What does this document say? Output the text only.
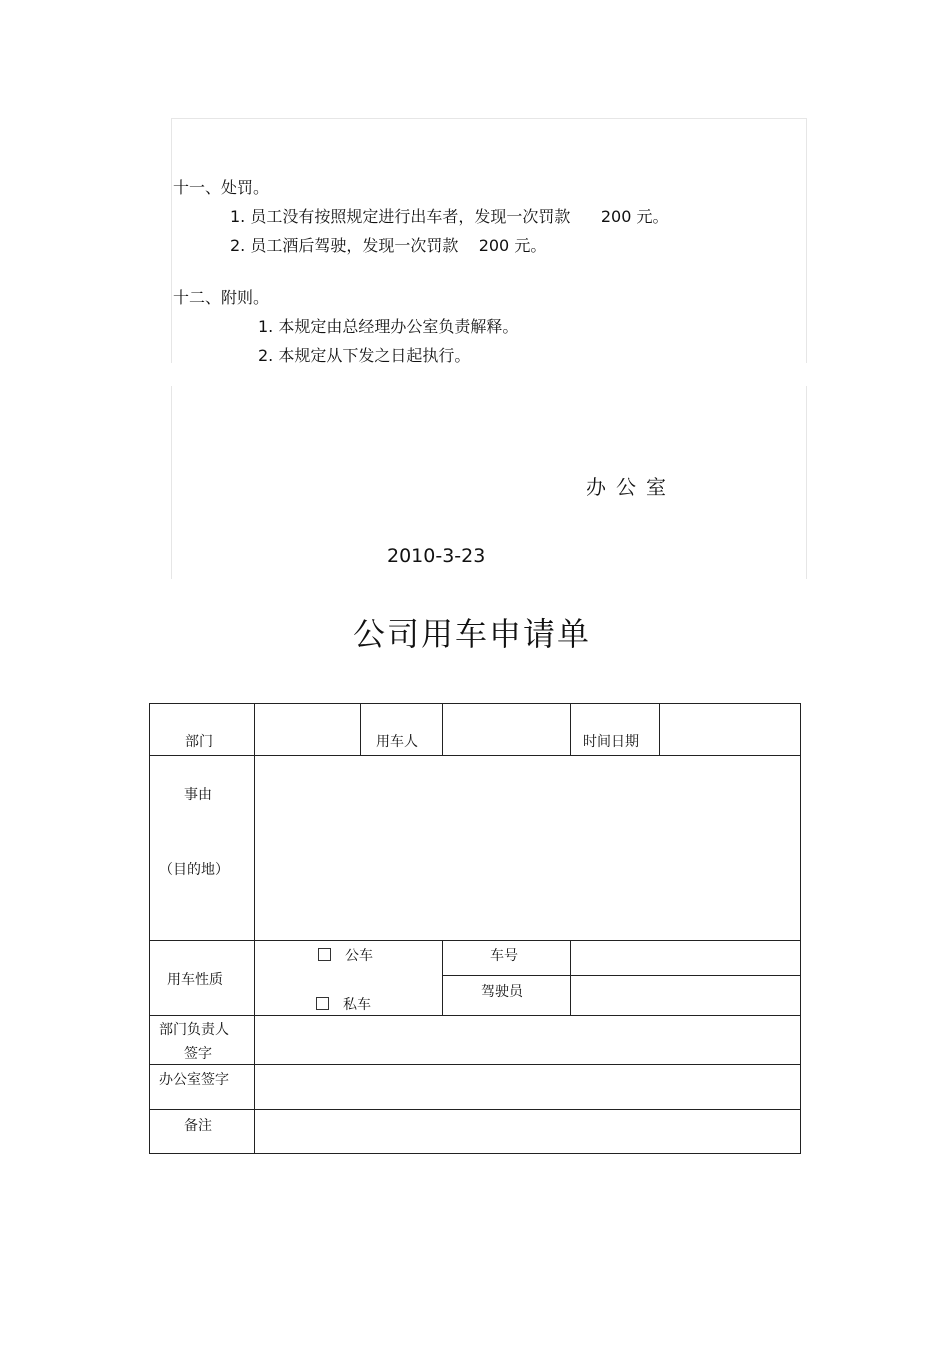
十一、处罚。
1. 员工没有按照规定进行出车者，发现一次罚款      200 元。
2. 员工酒后驾驶，发现一次罚款    200 元。
十二、附则。
1. 本规定由总经理办公室负责解释。
2. 本规定从下发之日起执行。
办公室
2010-3-23
公司用车申请单
部门	用车人	时间日期
事由
（目的地）
用车性质
公车
私车
车号
驾驶员
部门负责人
签字
办公室签字
备注
